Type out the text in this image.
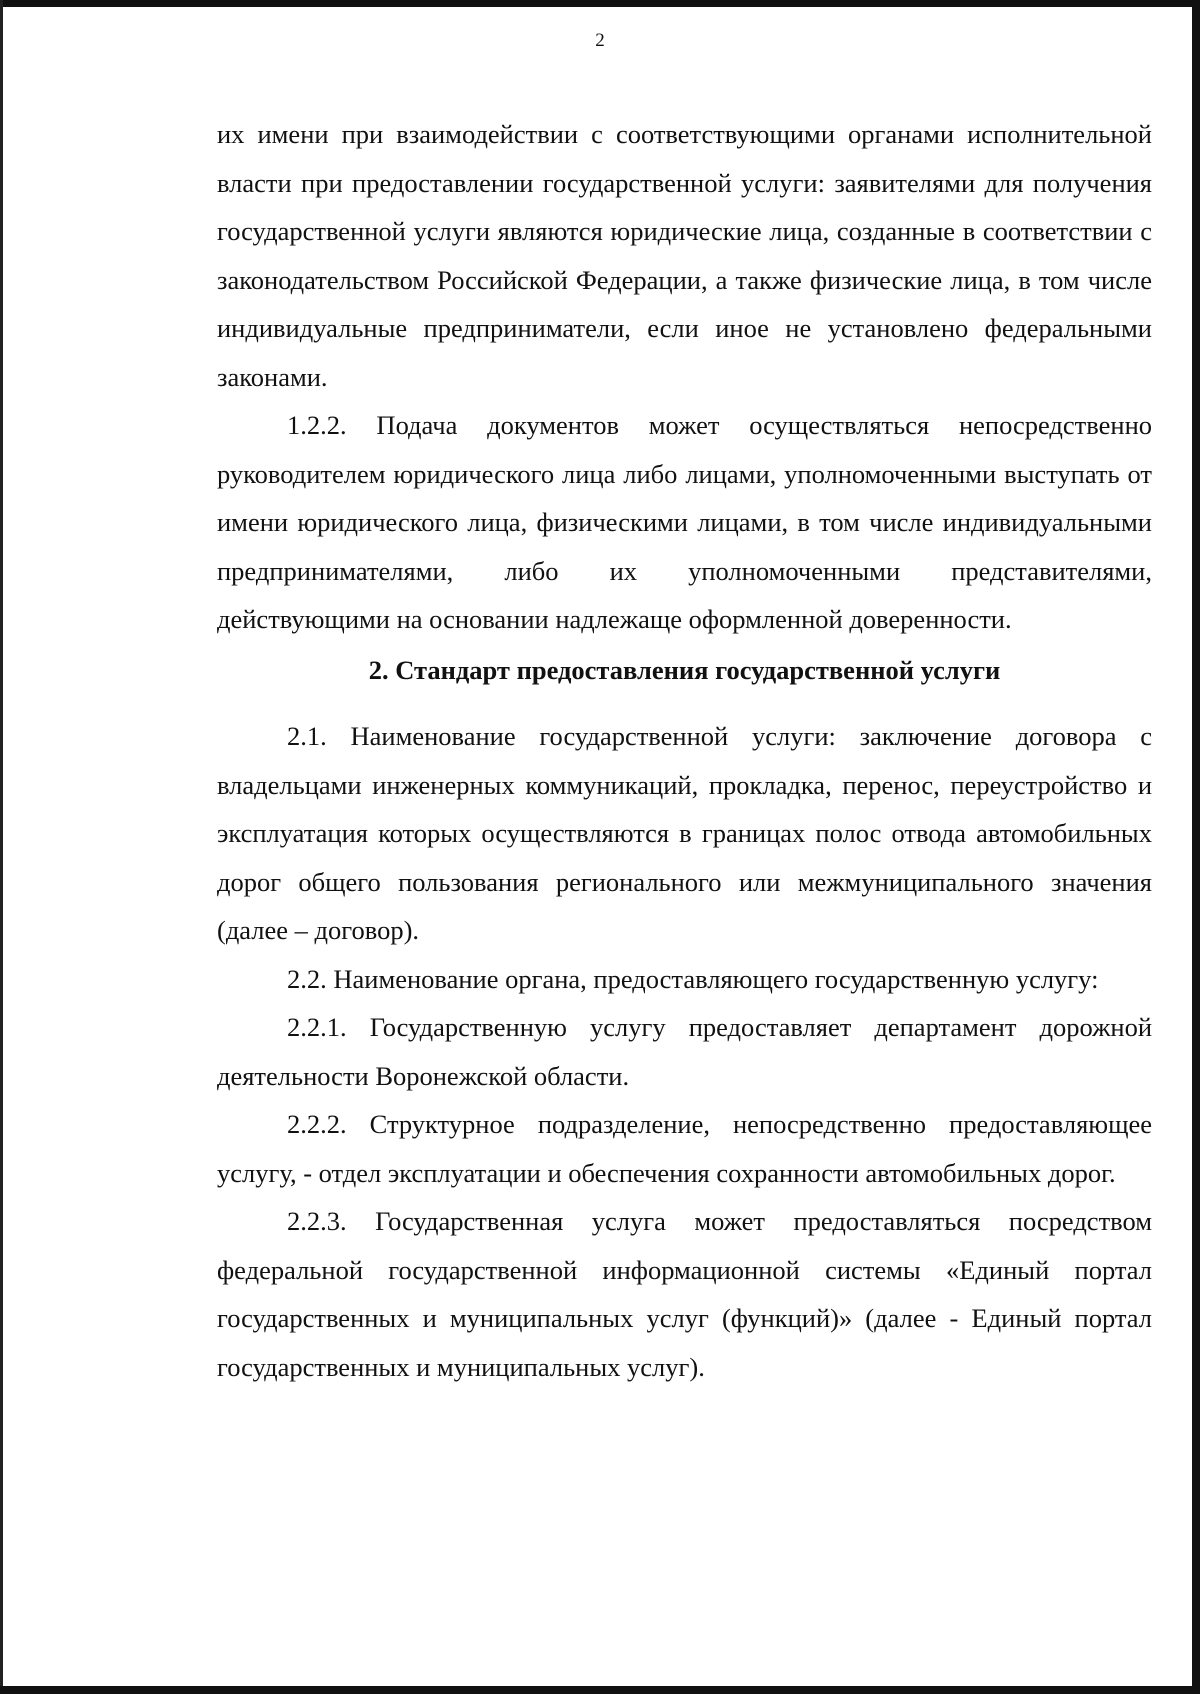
2

их имени при взаимодействии с соответствующими органами исполнительной власти при предоставлении государственной услуги: заявителями для получения государственной услуги являются юридические лица, созданные в соответствии с законодательством Российской Федерации, а также физические лица, в том числе индивидуальные предприниматели, если иное не установлено федеральными законами.

1.2.2. Подача документов может осуществляться непосредственно руководителем юридического лица либо лицами, уполномоченными выступать от имени юридического лица, физическими лицами, в том числе индивидуальными предпринимателями, либо их уполномоченными представителями, действующими на основании надлежаще оформленной доверенности.

2. Стандарт предоставления государственной услуги

2.1. Наименование государственной услуги: заключение договора с владельцами инженерных коммуникаций, прокладка, перенос, переустройство и эксплуатация которых осуществляются в границах полос отвода автомобильных дорог общего пользования регионального или межмуниципального значения (далее – договор).

2.2. Наименование органа, предоставляющего государственную услугу:

2.2.1. Государственную услугу предоставляет департамент дорожной деятельности Воронежской области.

2.2.2. Структурное подразделение, непосредственно предоставляющее услугу, - отдел эксплуатации и обеспечения сохранности автомобильных дорог.

2.2.3. Государственная услуга может предоставляться посредством федеральной государственной информационной системы «Единый портал государственных и муниципальных услуг (функций)» (далее - Единый портал государственных и муниципальных услуг).
